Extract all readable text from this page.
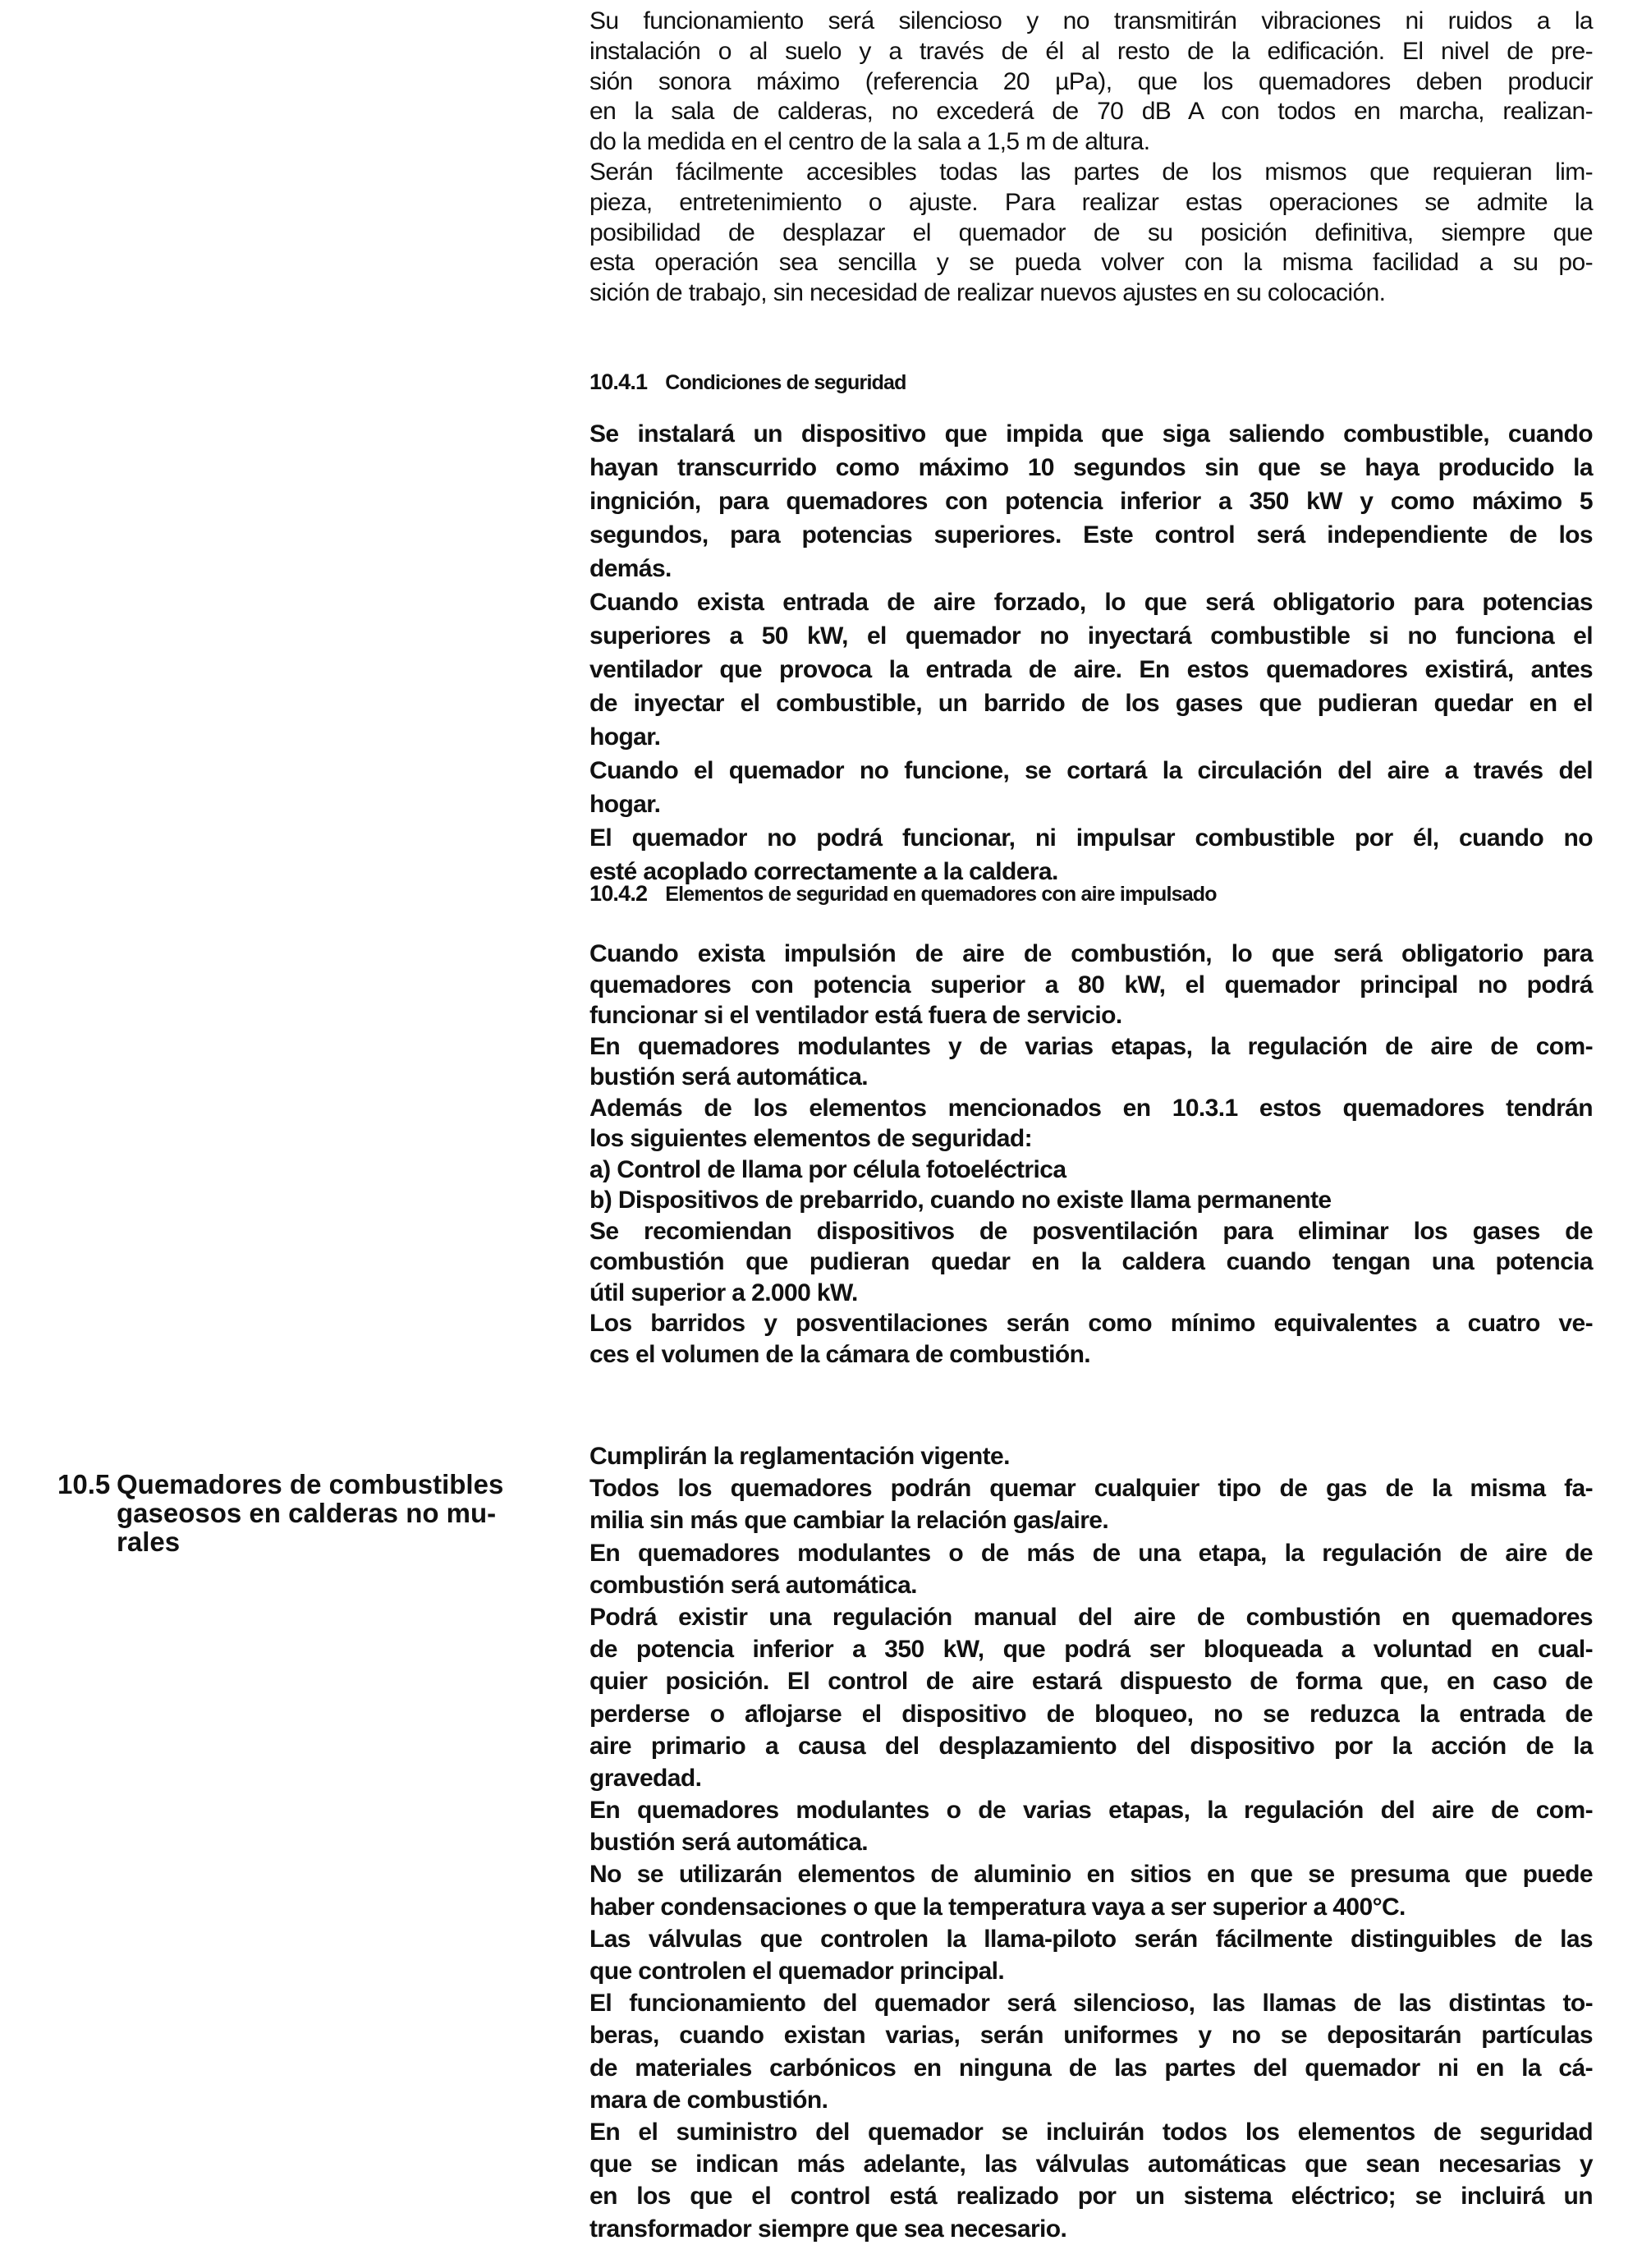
Su funcionamiento será silencioso y no transmitirán vibraciones ni ruidos a la
instalación o al suelo y a través de él al resto de la edificación. El nivel de pre-
sión sonora máximo (referencia 20 µPa), que los quemadores deben producir
en la sala de calderas, no excederá de 70 dB A con todos en marcha, realizan-
do la medida en el centro de la sala a 1,5 m de altura.
Serán fácilmente accesibles todas las partes de los mismos que requieran lim-
pieza, entretenimiento o ajuste. Para realizar estas operaciones se admite la
posibilidad de desplazar el quemador de su posición definitiva, siempre que
esta operación sea sencilla y se pueda volver con la misma facilidad a su po-
sición de trabajo, sin necesidad de realizar nuevos ajustes en su colocación.
10.4.1 Condiciones de seguridad
Se instalará un dispositivo que impida que siga saliendo combustible, cuando
hayan transcurrido como máximo 10 segundos sin que se haya producido la
ingnición, para quemadores con potencia inferior a 350 kW y como máximo 5
segundos, para potencias superiores. Este control será independiente de los
demás.
Cuando exista entrada de aire forzado, lo que será obligatorio para potencias
superiores a 50 kW, el quemador no inyectará combustible si no funciona el
ventilador que provoca la entrada de aire. En estos quemadores existirá, antes
de inyectar el combustible, un barrido de los gases que pudieran quedar en el
hogar.
Cuando el quemador no funcione, se cortará la circulación del aire a través del
hogar.
El quemador no podrá funcionar, ni impulsar combustible por él, cuando no
esté acoplado correctamente a la caldera.
10.4.2 Elementos de seguridad en quemadores con aire impulsado
Cuando exista impulsión de aire de combustión, lo que será obligatorio para
quemadores con potencia superior a 80 kW, el quemador principal no podrá
funcionar si el ventilador está fuera de servicio.
En quemadores modulantes y de varias etapas, la regulación de aire de com-
bustión será automática.
Además de los elementos mencionados en 10.3.1 estos quemadores tendrán
los siguientes elementos de seguridad:
a) Control de llama por célula fotoeléctrica
b) Dispositivos de prebarrido, cuando no existe llama permanente
Se recomiendan dispositivos de posventilación para eliminar los gases de
combustión que pudieran quedar en la caldera cuando tengan una potencia
útil superior a 2.000 kW.
Los barridos y posventilaciones serán como mínimo equivalentes a cuatro ve-
ces el volumen de la cámara de combustión.
10.5 Quemadores de combustibles
gaseosos en calderas no mu-
rales
Cumplirán la reglamentación vigente.
Todos los quemadores podrán quemar cualquier tipo de gas de la misma fa-
milia sin más que cambiar la relación gas/aire.
En quemadores modulantes o de más de una etapa, la regulación de aire de
combustión será automática.
Podrá existir una regulación manual del aire de combustión en quemadores
de potencia inferior a 350 kW, que podrá ser bloqueada a voluntad en cual-
quier posición. El control de aire estará dispuesto de forma que, en caso de
perderse o aflojarse el dispositivo de bloqueo, no se reduzca la entrada de
aire primario a causa del desplazamiento del dispositivo por la acción de la
gravedad.
En quemadores modulantes o de varias etapas, la regulación del aire de com-
bustión será automática.
No se utilizarán elementos de aluminio en sitios en que se presuma que puede
haber condensaciones o que la temperatura vaya a ser superior a 400°C.
Las válvulas que controlen la llama-piloto serán fácilmente distinguibles de las
que controlen el quemador principal.
El funcionamiento del quemador será silencioso, las llamas de las distintas to-
beras, cuando existan varias, serán uniformes y no se depositarán partículas
de materiales carbónicos en ninguna de las partes del quemador ni en la cá-
mara de combustión.
En el suministro del quemador se incluirán todos los elementos de seguridad
que se indican más adelante, las válvulas automáticas que sean necesarias y
en los que el control está realizado por un sistema eléctrico; se incluirá un
transformador siempre que sea necesario.
